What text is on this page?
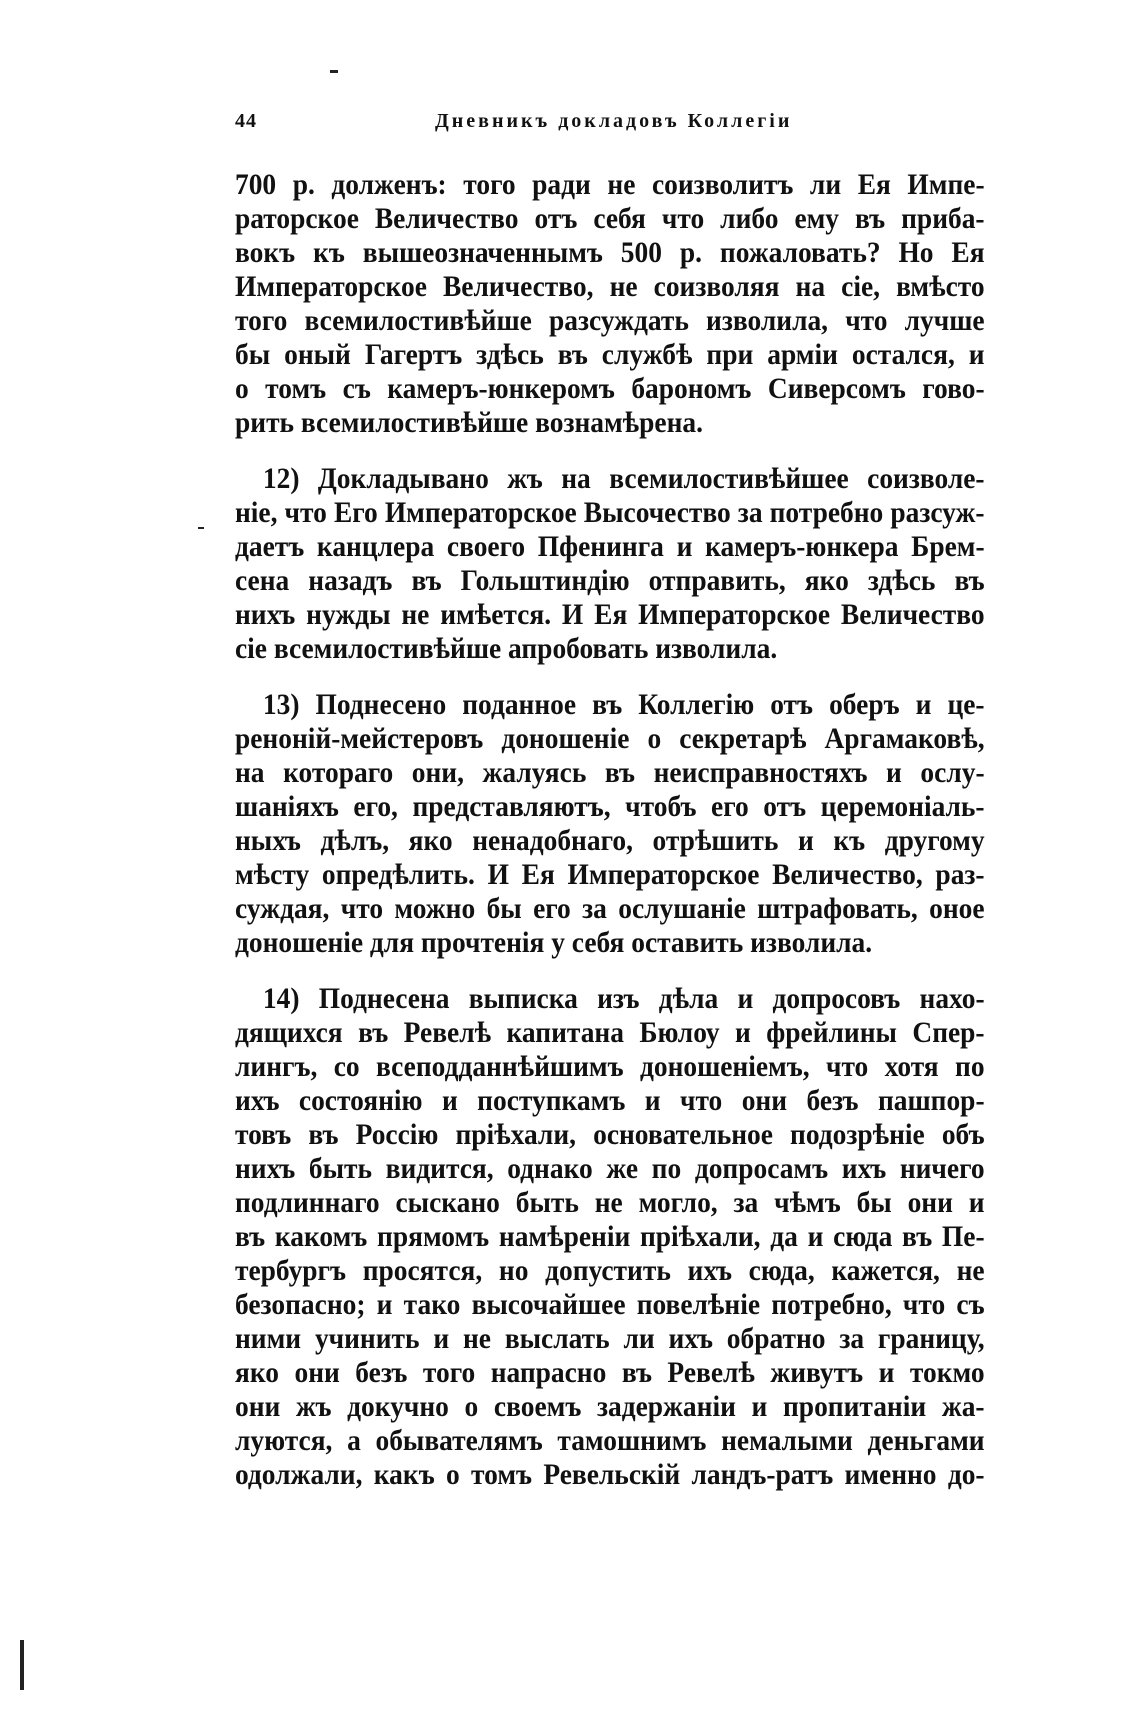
44	Дневникъ докладовъ Коллегiи
700 р. долженъ: того ради не соизволитъ ли Ея Импе-
раторское Величество отъ себя что либо ему въ приба-
вокъ къ вышеозначеннымъ 500 р. пожаловать? Но Ея
Императорское Величество, не соизволяя на сiе, вмѣсто
того всемилостивѣйше разсуждать изволила, что лучше
бы оный Гагертъ здѣсь въ службѣ при армiи остался, и
о томъ съ камеръ-юнкеромъ барономъ Сиверсомъ гово-
рить всемилостивѣйше вознамѣрена.
12) Докладывано жъ на всемилостивѣйшее соизволе-
нiе, что Его Императорское Высочество за потребно разсуж-
даетъ канцлера своего Пфенинга и камеръ-юнкера Брем-
сена назадъ въ Гольштиндiю отправить, яко здѣсь въ
нихъ нужды не имѣется. И Ея Императорское Величество
сiе всемилостивѣйше апробовать изволила.
13) Поднесено поданное въ Коллегiю отъ оберъ и це-
ренонiй-мейстеровъ доношенiе о секретарѣ Аргамаковѣ,
на котораго они, жалуясь въ неисправностяхъ и ослу-
шанiяхъ его, представляютъ, чтобъ его отъ церемонiаль-
ныхъ дѣлъ, яко ненадобнаго, отрѣшить и къ другому
мѣсту опредѣлить. И Ея Императорское Величество, раз-
суждая, что можно бы его за ослушанiе штрафовать, оное
доношенiе для прочтенiя у себя оставить изволила.
14) Поднесена выписка изъ дѣла и допросовъ нахо-
дящихся въ Ревелѣ капитана Бюлоу и фрейлины Спер-
лингъ, со всеподданнѣйшимъ доношенiемъ, что хотя по
ихъ состоянiю и поступкамъ и что они безъ пашпор-
товъ въ Россiю прiѣхали, основательное подозрѣнiе объ
нихъ быть видится, однако же по допросамъ ихъ ничего
подлиннаго сыскано быть не могло, за чѣмъ бы они и
въ какомъ прямомъ намѣренiи прiѣхали, да и сюда въ Пе-
тербургъ просятся, но допустить ихъ сюда, кажется, не
безопасно; и тако высочайшее повелѣнiе потребно, что съ
ними учинить и не выслать ли ихъ обратно за границу,
яко они безъ того напрасно въ Ревелѣ живутъ и токмо
они жъ докучно о своемъ задержанiи и пропитанiи жа-
луются, а обывателямъ тамошнимъ немалыми деньгами
одолжали, какъ о томъ Ревельскiй ландъ-ратъ именно до-
